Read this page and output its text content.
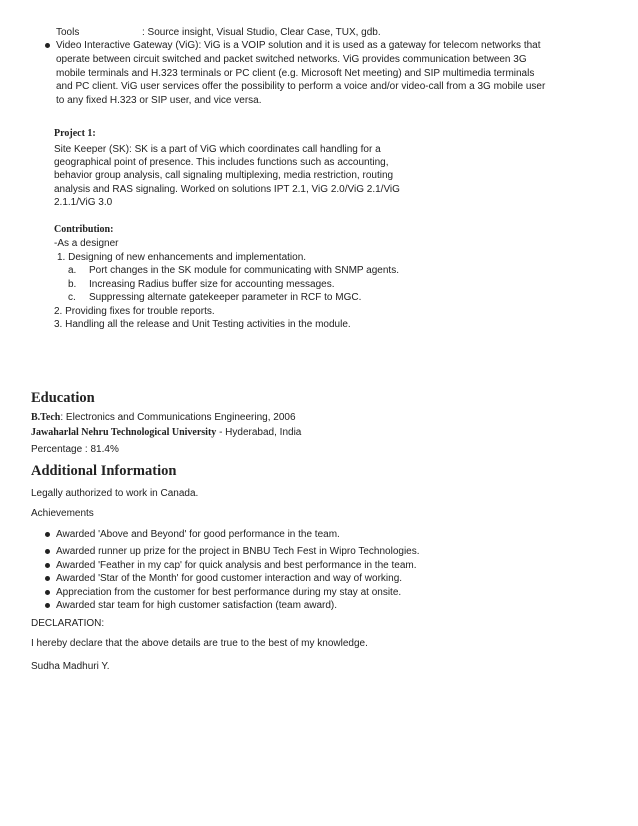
Tools	: Source insight, Visual Studio, Clear Case, TUX, gdb.
Video Interactive Gateway (ViG): ViG is a VOIP solution and it is used as a gateway for telecom networks that
operate between circuit switched and packet switched networks. ViG provides communication between 3G
mobile terminals and H.323 terminals or PC client (e.g. Microsoft Net meeting) and SIP multimedia terminals
and PC client. ViG user services offer the possibility to perform a voice and/or video-call from a 3G mobile user
to any fixed H.323 or SIP user, and vice versa.
Project 1:
Site Keeper (SK): SK is a part of ViG which coordinates call handling for a
geographical point of presence. This includes functions such as accounting,
behavior group analysis, call signaling multiplexing, media restriction, routing
analysis and RAS signaling. Worked on solutions IPT 2.1, ViG 2.0/ViG 2.1/ViG
2.1.1/ViG 3.0
Contribution:
-As a designer
1. Designing of new enhancements and implementation.
a. Port changes in the SK module for communicating with SNMP agents.
b. Increasing Radius buffer size for accounting messages.
c. Suppressing alternate gatekeeper parameter in RCF to MGC.
2. Providing fixes for trouble reports.
3. Handling all the release and Unit Testing activities in the module.
Education
B.Tech: Electronics and Communications Engineering, 2006
Jawaharlal Nehru Technological University - Hyderabad, India
Percentage : 81.4%
Additional Information
Legally authorized to work in Canada.
Achievements
Awarded 'Above and Beyond' for good performance in the team.
Awarded runner up prize for the project in BNBU Tech Fest in Wipro Technologies.
Awarded 'Feather in my cap' for quick analysis and best performance in the team.
Awarded 'Star of the Month' for good customer interaction and way of working.
Appreciation from the customer for best performance during my stay at onsite.
Awarded star team for high customer satisfaction (team award).
DECLARATION:
I hereby declare that the above details are true to the best of my knowledge.
Sudha Madhuri Y.
